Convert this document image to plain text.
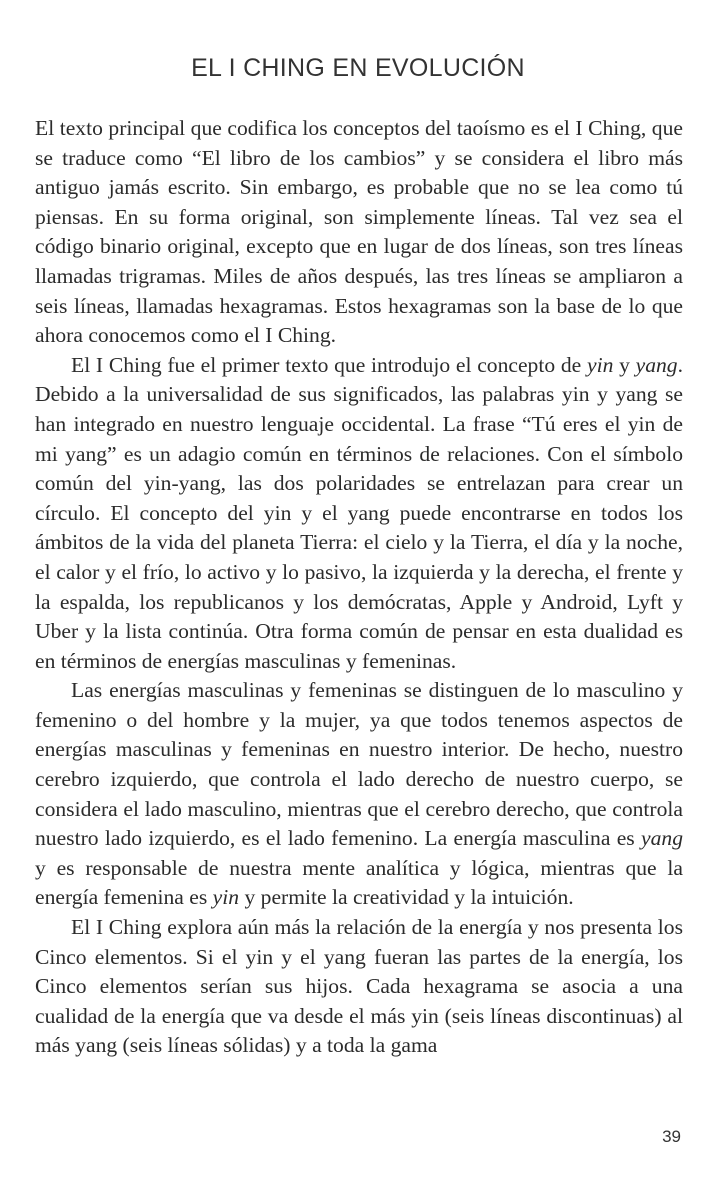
EL I CHING EN EVOLUCIÓN

El texto principal que codifica los conceptos del taoísmo es el I Ching, que se traduce como “El libro de los cambios” y se considera el libro más antiguo jamás escrito. Sin embargo, es probable que no se lea como tú piensas. En su forma original, son simplemente líneas. Tal vez sea el código binario original, excepto que en lugar de dos líneas, son tres líneas llamadas trigramas. Miles de años después, las tres líneas se ampliaron a seis líneas, llamadas hexagramas. Estos hexagramas son la base de lo que ahora conocemos como el I Ching.

El I Ching fue el primer texto que introdujo el concepto de yin y yang. Debido a la universalidad de sus significados, las palabras yin y yang se han integrado en nuestro lenguaje occidental. La frase “Tú eres el yin de mi yang” es un adagio común en términos de relaciones. Con el símbolo común del yin-yang, las dos polaridades se entrelazan para crear un círculo. El concepto del yin y el yang puede encontrarse en todos los ámbitos de la vida del planeta Tierra: el cielo y la Tierra, el día y la noche, el calor y el frío, lo activo y lo pasivo, la izquierda y la derecha, el frente y la espalda, los republicanos y los demócratas, Apple y Android, Lyft y Uber y la lista continúa. Otra forma común de pensar en esta dualidad es en términos de energías masculinas y femeninas.

Las energías masculinas y femeninas se distinguen de lo masculino y femenino o del hombre y la mujer, ya que todos tenemos aspectos de energías masculinas y femeninas en nuestro interior. De hecho, nuestro cerebro izquierdo, que controla el lado derecho de nuestro cuerpo, se considera el lado masculino, mientras que el cerebro derecho, que controla nuestro lado izquierdo, es el lado femenino. La energía masculina es yang y es responsable de nuestra mente analítica y lógica, mientras que la energía femenina es yin y permite la creatividad y la intuición.

El I Ching explora aún más la relación de la energía y nos presenta los Cinco elementos. Si el yin y el yang fueran las partes de la energía, los Cinco elementos serían sus hijos. Cada hexagrama se asocia a una cualidad de la energía que va desde el más yin (seis líneas discontinuas) al más yang (seis líneas sólidas) y a toda la gama

39
